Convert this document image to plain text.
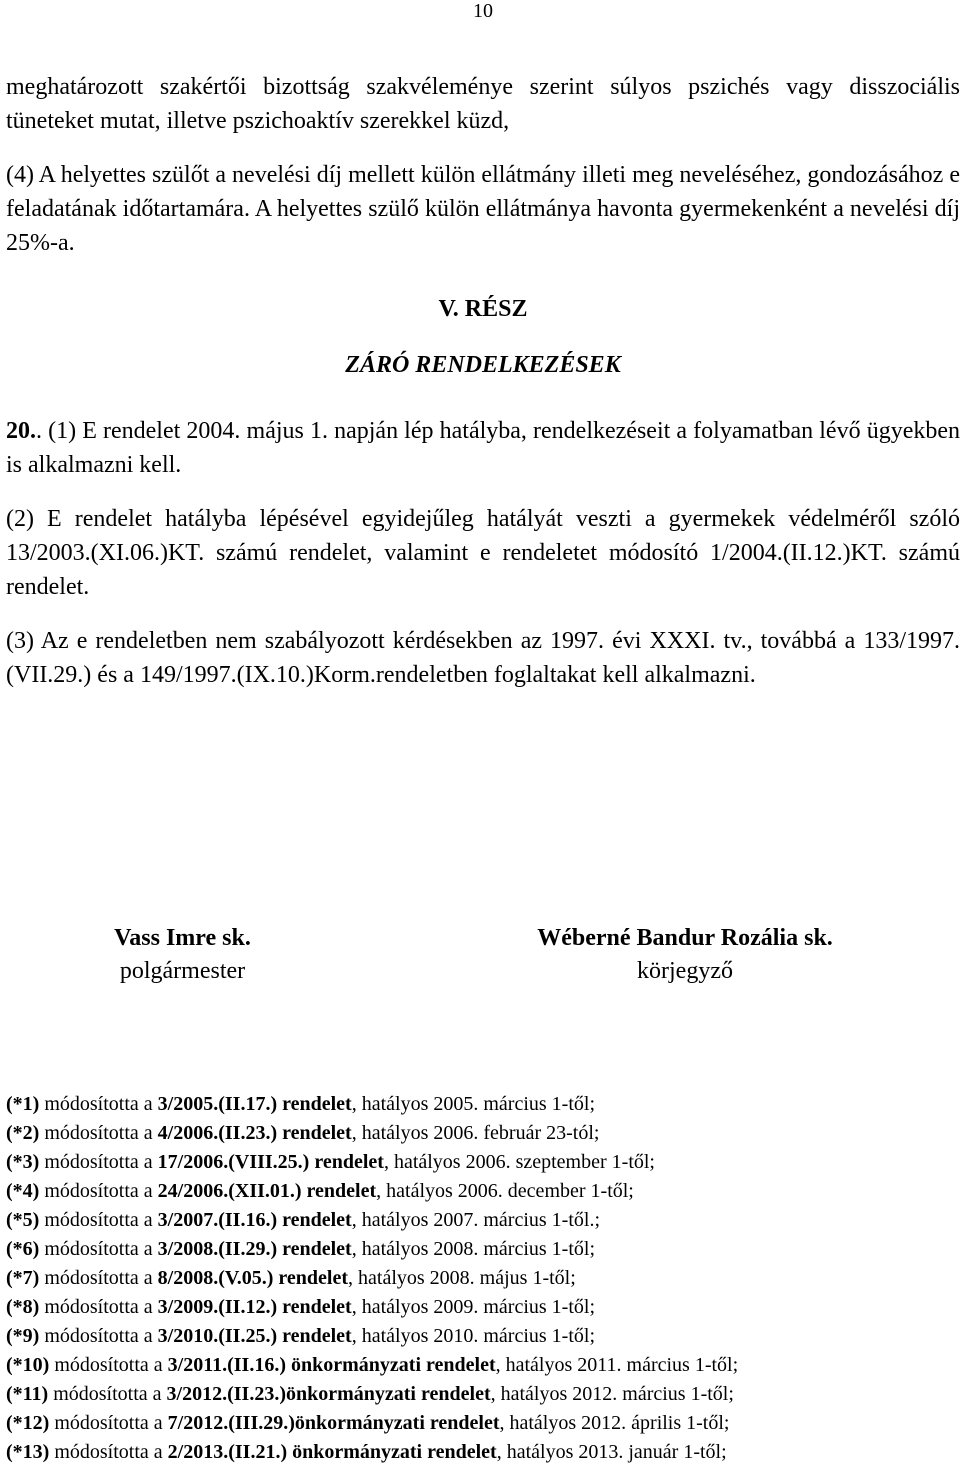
10

meghatározott szakértői bizottság szakvéleménye szerint súlyos pszichés vagy disszociális tüneteket mutat, illetve pszichoaktív szerekkel küzd,

(4) A helyettes szülőt a nevelési díj mellett külön ellátmány illeti meg neveléséhez, gondozásához e feladatának időtartamára. A helyettes szülő külön ellátmánya havonta gyermekenként a nevelési díj 25%-a.

V. RÉSZ

ZÁRÓ RENDELKEZÉSEK

20.. (1) E rendelet 2004. május 1. napján lép hatályba, rendelkezéseit a folyamatban lévő ügyekben is alkalmazni kell.

(2) E rendelet hatályba lépésével egyidejűleg hatályát veszti a gyermekek védelméről szóló 13/2003.(XI.06.)KT. számú rendelet, valamint e rendeletet módosító 1/2004.(II.12.)KT. számú rendelet.

(3) Az e rendeletben nem szabályozott kérdésekben az 1997. évi XXXI. tv., továbbá a 133/1997.(VII.29.) és a 149/1997.(IX.10.)Korm.rendeletben foglaltakat kell alkalmazni.

Vass Imre sk.
polgármester
Wéberné Bandur Rozália sk.
körjegyző
(*1) módosította a 3/2005.(II.17.) rendelet, hatályos 2005. március 1-től;
(*2) módosította a 4/2006.(II.23.) rendelet, hatályos 2006. február 23-tól;
(*3) módosította a 17/2006.(VIII.25.) rendelet, hatályos 2006. szeptember 1-től;
(*4) módosította a 24/2006.(XII.01.) rendelet, hatályos 2006. december 1-től;
(*5) módosította a 3/2007.(II.16.) rendelet, hatályos 2007. március 1-től.;
(*6) módosította a 3/2008.(II.29.) rendelet, hatályos 2008. március 1-től;
(*7) módosította a 8/2008.(V.05.) rendelet, hatályos 2008. május 1-től;
(*8) módosította a 3/2009.(II.12.) rendelet, hatályos 2009. március 1-től;
(*9) módosította a 3/2010.(II.25.) rendelet, hatályos 2010. március 1-től;
(*10) módosította a 3/2011.(II.16.) önkormányzati rendelet, hatályos 2011. március 1-től;
(*11) módosította a 3/2012.(II.23.)önkormányzati rendelet, hatályos 2012. március 1-től;
(*12) módosította a 7/2012.(III.29.)önkormányzati rendelet, hatályos 2012. április 1-től;
(*13) módosította a 2/2013.(II.21.) önkormányzati rendelet, hatályos 2013. január 1-től;
